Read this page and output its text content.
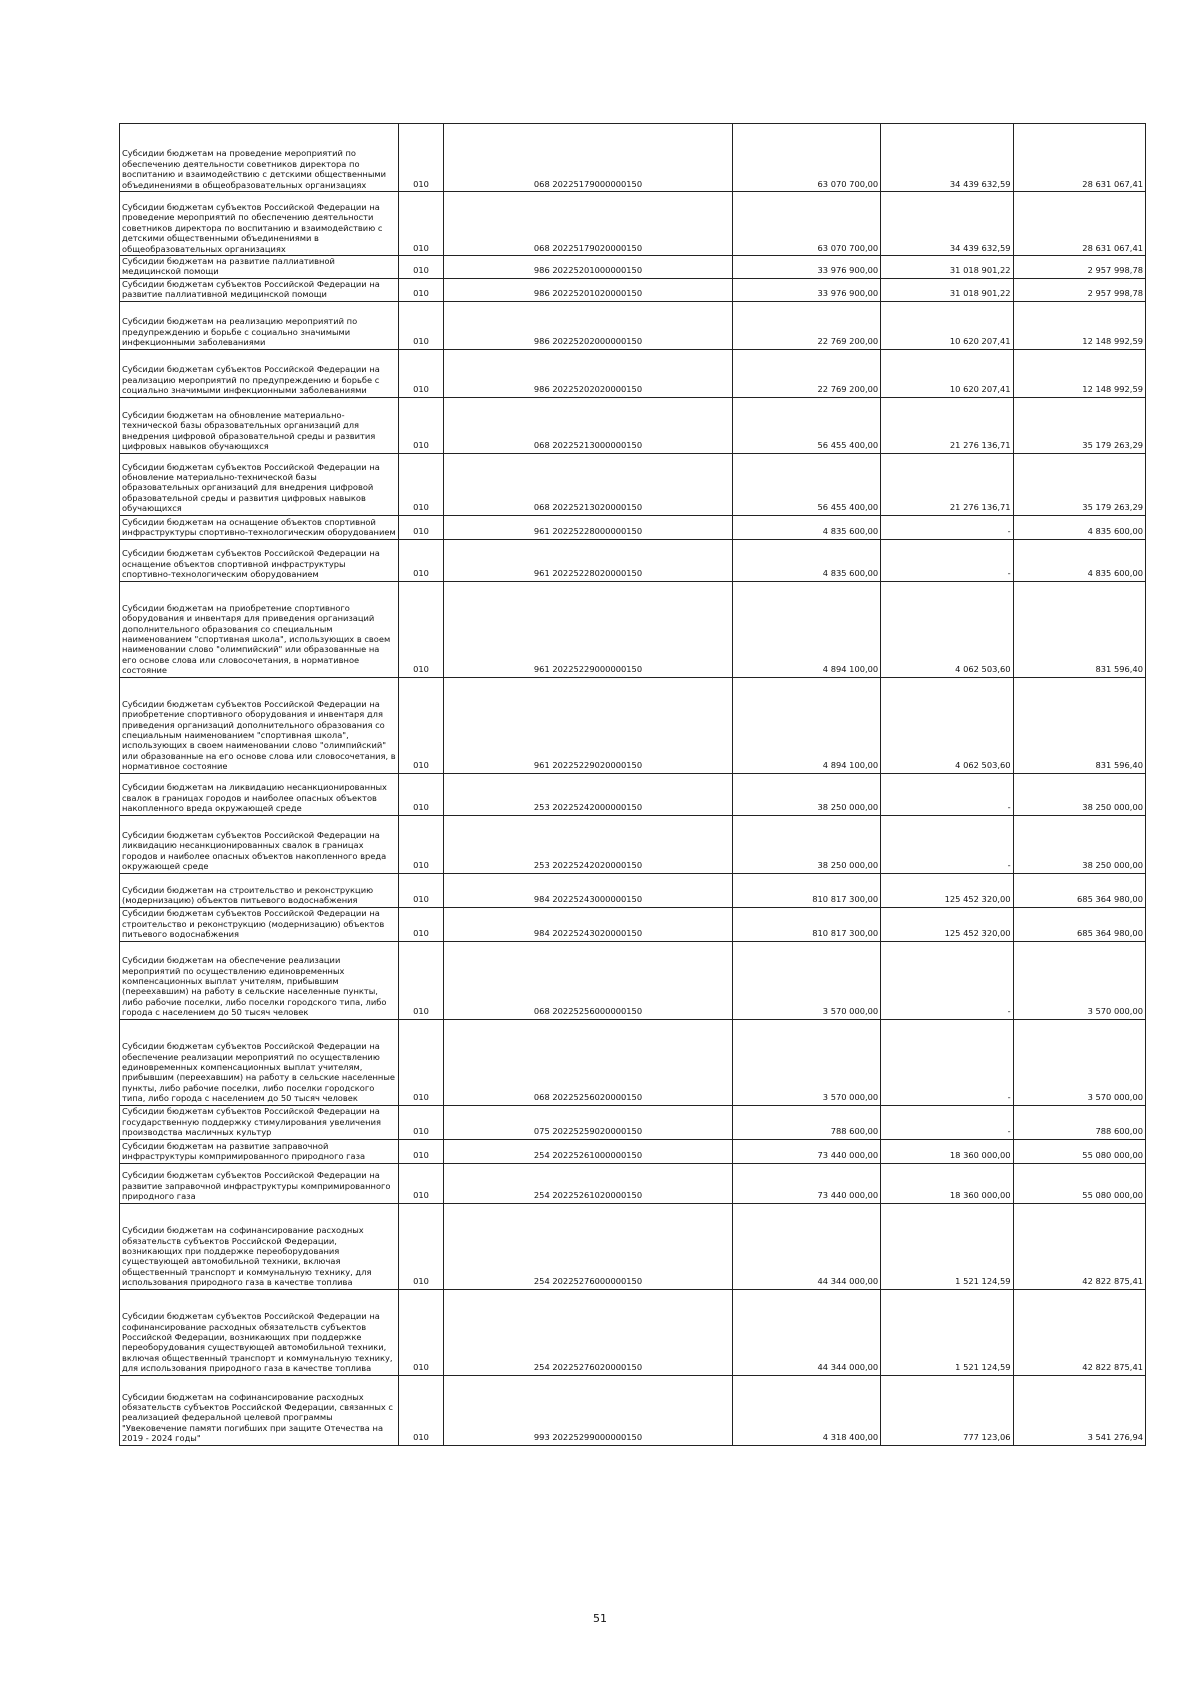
Субсидии бюджетам на проведение мероприятий по обеспечению деятельности советников директора по воспитанию и взаимодействию с детскими общественными объединениями в общеобразовательных организациях	010	068 20225179000000150	63 070 700,00	34 439 632,59	28 631 067,41
Субсидии бюджетам субъектов Российской Федерации на проведение мероприятий по обеспечению деятельности советников директора по воспитанию и взаимодействию с детскими общественными объединениями в общеобразовательных организациях	010	068 20225179020000150	63 070 700,00	34 439 632,59	28 631 067,41
Субсидии бюджетам на развитие паллиативной медицинской помощи	010	986 20225201000000150	33 976 900,00	31 018 901,22	2 957 998,78
Субсидии бюджетам субъектов Российской Федерации на развитие паллиативной медицинской помощи	010	986 20225201020000150	33 976 900,00	31 018 901,22	2 957 998,78
Субсидии бюджетам на реализацию мероприятий по предупреждению и борьбе с социально значимыми инфекционными заболеваниями	010	986 20225202000000150	22 769 200,00	10 620 207,41	12 148 992,59
Субсидии бюджетам субъектов Российской Федерации на реализацию мероприятий по предупреждению и борьбе с социально значимыми инфекционными заболеваниями	010	986 20225202020000150	22 769 200,00	10 620 207,41	12 148 992,59
Субсидии бюджетам на обновление материально-технической базы образовательных организаций для внедрения цифровой образовательной среды и развития цифровых навыков обучающихся	010	068 20225213000000150	56 455 400,00	21 276 136,71	35 179 263,29
Субсидии бюджетам субъектов Российской Федерации на обновление материально-технической базы образовательных организаций для внедрения цифровой образовательной среды и развития цифровых навыков обучающихся	010	068 20225213020000150	56 455 400,00	21 276 136,71	35 179 263,29
Субсидии бюджетам на оснащение объектов спортивной инфраструктуры спортивно-технологическим оборудованием	010	961 20225228000000150	4 835 600,00	-	4 835 600,00
Субсидии бюджетам субъектов Российской Федерации на оснащение объектов спортивной инфраструктуры спортивно-технологическим оборудованием	010	961 20225228020000150	4 835 600,00	-	4 835 600,00
Субсидии бюджетам на приобретение спортивного оборудования и инвентаря для приведения организаций дополнительного образования со специальным наименованием "спортивная школа", использующих в своем наименовании слово "олимпийский" или образованные на его основе слова или словосочетания, в нормативное состояние	010	961 20225229000000150	4 894 100,00	4 062 503,60	831 596,40
Субсидии бюджетам субъектов Российской Федерации на приобретение спортивного оборудования и инвентаря для приведения организаций дополнительного образования со специальным наименованием "спортивная школа", использующих в своем наименовании слово "олимпийский" или образованные на его основе слова или словосочетания, в нормативное состояние	010	961 20225229020000150	4 894 100,00	4 062 503,60	831 596,40
Субсидии бюджетам на ликвидацию несанкционированных свалок в границах городов и наиболее опасных объектов накопленного вреда окружающей среде	010	253 20225242000000150	38 250 000,00	-	38 250 000,00
Субсидии бюджетам субъектов Российской Федерации на ликвидацию несанкционированных свалок в границах городов и наиболее опасных объектов накопленного вреда окружающей среде	010	253 20225242020000150	38 250 000,00	-	38 250 000,00
Субсидии бюджетам на строительство и реконструкцию (модернизацию) объектов питьевого водоснабжения	010	984 20225243000000150	810 817 300,00	125 452 320,00	685 364 980,00
Субсидии бюджетам субъектов Российской Федерации на строительство и реконструкцию (модернизацию) объектов питьевого водоснабжения	010	984 20225243020000150	810 817 300,00	125 452 320,00	685 364 980,00
Субсидии бюджетам на обеспечение реализации мероприятий по осуществлению единовременных компенсационных выплат учителям, прибывшим (переехавшим) на работу в сельские населенные пункты, либо рабочие поселки, либо поселки городского типа, либо города с населением до 50 тысяч человек	010	068 20225256000000150	3 570 000,00	-	3 570 000,00
Субсидии бюджетам субъектов Российской Федерации на обеспечение реализации мероприятий по осуществлению единовременных компенсационных выплат учителям, прибывшим (переехавшим) на работу в сельские населенные пункты, либо рабочие поселки, либо поселки городского типа, либо города с населением до 50 тысяч человек	010	068 20225256020000150	3 570 000,00	-	3 570 000,00
Субсидии бюджетам субъектов Российской Федерации на государственную поддержку стимулирования увеличения производства масличных культур	010	075 20225259020000150	788 600,00	-	788 600,00
Субсидии бюджетам на развитие заправочной инфраструктуры компримированного природного газа	010	254 20225261000000150	73 440 000,00	18 360 000,00	55 080 000,00
Субсидии бюджетам субъектов Российской Федерации на развитие заправочной инфраструктуры компримированного природного газа	010	254 20225261020000150	73 440 000,00	18 360 000,00	55 080 000,00
Субсидии бюджетам на софинансирование расходных обязательств субъектов Российской Федерации, возникающих при поддержке переоборудования существующей автомобильной техники, включая общественный транспорт и коммунальную технику, для использования природного газа в качестве топлива	010	254 20225276000000150	44 344 000,00	1 521 124,59	42 822 875,41
Субсидии бюджетам субъектов Российской Федерации на софинансирование расходных обязательств субъектов Российской Федерации, возникающих при поддержке переоборудования существующей автомобильной техники, включая общественный транспорт и коммунальную технику, для использования природного газа в качестве топлива	010	254 20225276020000150	44 344 000,00	1 521 124,59	42 822 875,41
Субсидии бюджетам на софинансирование расходных обязательств субъектов Российской Федерации, связанных с реализацией федеральной целевой программы "Увековечение памяти погибших при защите Отечества на 2019 - 2024 годы"	010	993 20225299000000150	4 318 400,00	777 123,06	3 541 276,94
51
